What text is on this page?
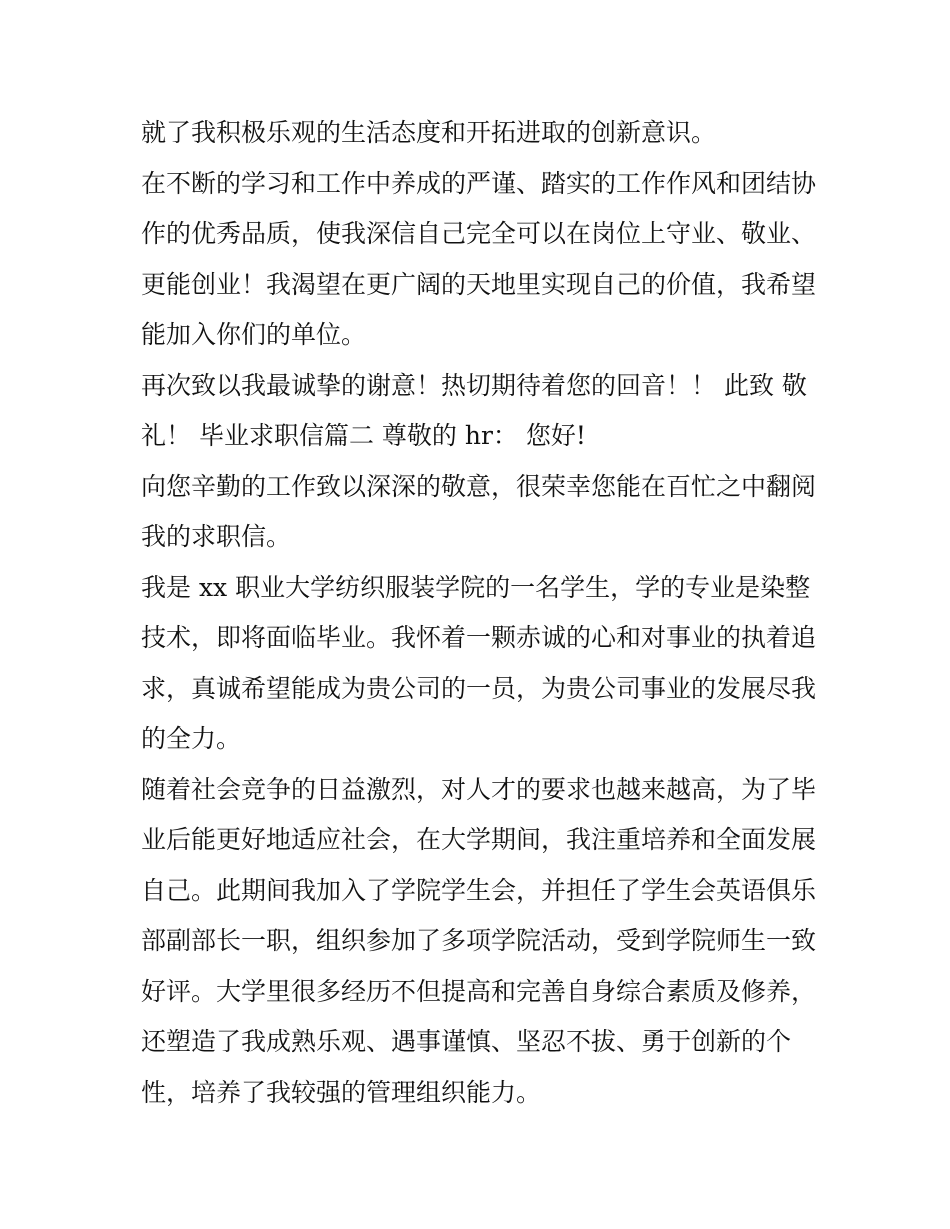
就了我积极乐观的生活态度和开拓进取的创新意识。
在不断的学习和工作中养成的严谨、踏实的工作作风和团结协
作的优秀品质，使我深信自己完全可以在岗位上守业、敬业、
更能创业！我渴望在更广阔的天地里实现自己的价值，我希望
能加入你们的单位。
再次致以我最诚挚的谢意！热切期待着您的回音！！ 此致 敬
礼！ 毕业求职信篇二 尊敬的 hr： 您好!
向您辛勤的工作致以深深的敬意，很荣幸您能在百忙之中翻阅
我的求职信。
我是 xx 职业大学纺织服装学院的一名学生，学的专业是染整
技术，即将面临毕业。我怀着一颗赤诚的心和对事业的执着追
求，真诚希望能成为贵公司的一员，为贵公司事业的发展尽我
的全力。
随着社会竞争的日益激烈，对人才的要求也越来越高，为了毕
业后能更好地适应社会，在大学期间，我注重培养和全面发展
自己。此期间我加入了学院学生会，并担任了学生会英语俱乐
部副部长一职，组织参加了多项学院活动，受到学院师生一致
好评。大学里很多经历不但提高和完善自身综合素质及修养，
还塑造了我成熟乐观、遇事谨慎、坚忍不拔、勇于创新的个
性，培养了我较强的管理组织能力。
